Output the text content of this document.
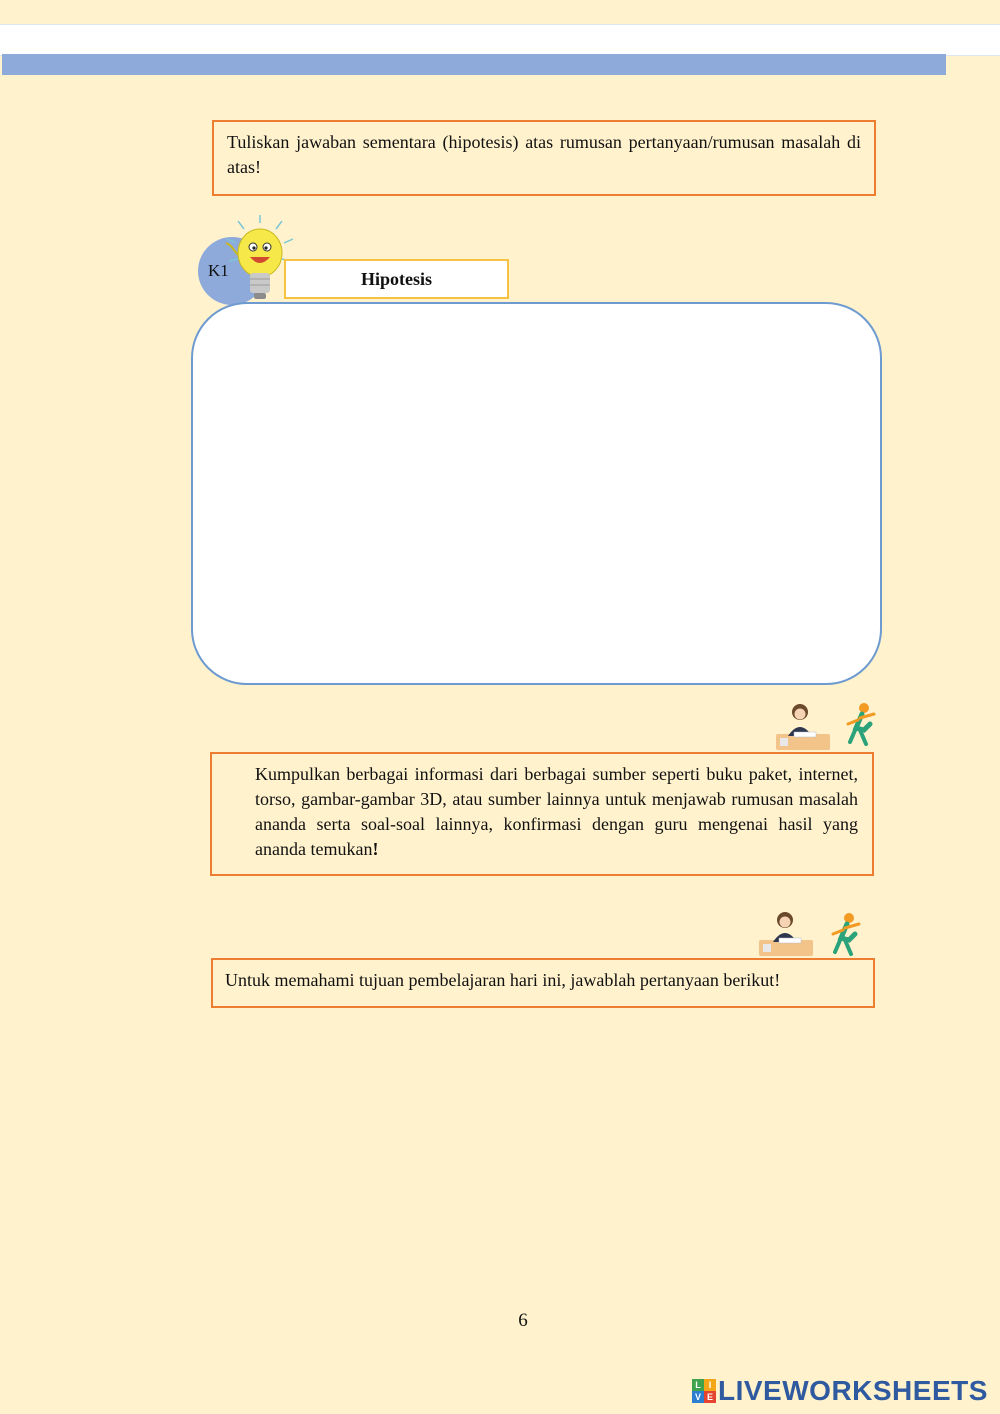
Tuliskan jawaban sementara (hipotesis) atas rumusan pertanyaan/rumusan masalah di atas!

K1	Hipotesis

Kumpulkan berbagai informasi dari berbagai sumber seperti buku paket, internet, torso, gambar-gambar 3D, atau sumber lainnya untuk menjawab rumusan masalah ananda serta soal-soal lainnya, konfirmasi dengan guru mengenai hasil yang ananda temukan!

Untuk memahami tujuan pembelajaran hari ini, jawablah pertanyaan berikut!

6
L I
V E LIVEWORKSHEETS
